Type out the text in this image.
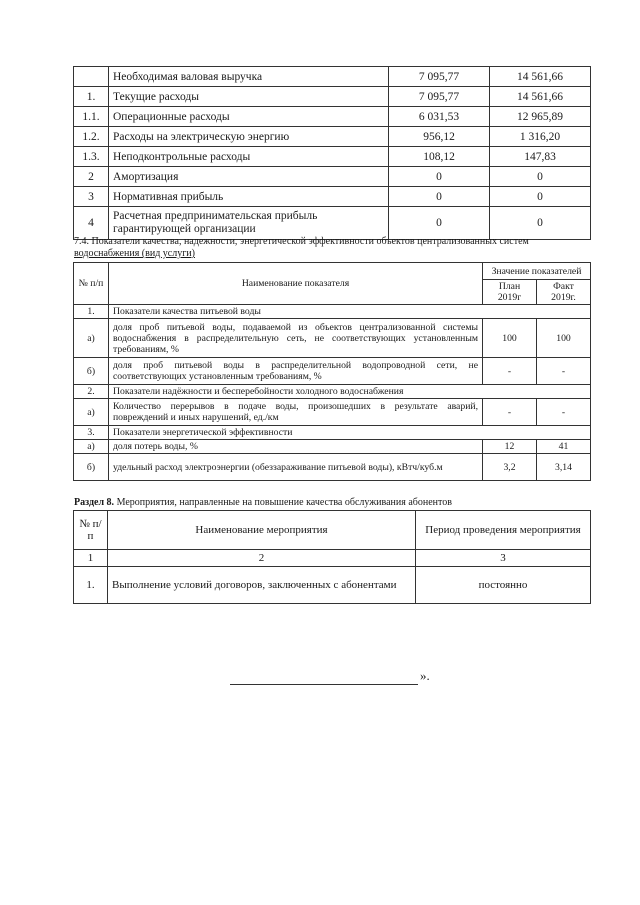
	Необходимая валовая выручка	7 095,77	14 561,66
1.	Текущие расходы	7 095,77	14 561,66
1.1.	Операционные расходы	6 031,53	12 965,89
1.2.	Расходы на электрическую энергию	956,12	1 316,20
1.3.	Неподконтрольные расходы	108,12	147,83
2	Амортизация	0	0
3	Нормативная прибыль	0	0
4	Расчетная предпринимательская прибыль гарантирующей организации	0	0
7.4. Показатели качества, надежности, энергетической эффективности объектов централизованных систем
водоснабжения (вид услуги)
№ п/п	Наименование показателя	Значение показателей	
		План 2019г	Факт 2019г.
1.	Показатели качества питьевой воды		
а)	доля проб питьевой воды, подаваемой из объектов централизованной системы водоснабжения в распределительную сеть, не соответствующих установленным требованиям, %	100	100
б)	доля проб питьевой воды в распределительной водопроводной сети, не соответствующих установленным требованиям, %	-	-
2.	Показатели надёжности и бесперебойности холодного водоснабжения		
а)	Количество перерывов в подаче воды, произошедших в результате аварий, повреждений и иных нарушений, ед./км	-	-
3.	Показатели энергетической эффективности		
а)	доля потерь воды, %	12	41
б)	удельный расход электроэнергии (обеззараживание питьевой воды), кВтч/куб.м	3,2	3,14
Раздел 8. Мероприятия, направленные на повышение качества обслуживания абонентов
№ п/п	Наименование мероприятия	Период проведения мероприятия
1	2	3
1.	Выполнение условий договоров, заключенных с абонентами	постоянно
».
